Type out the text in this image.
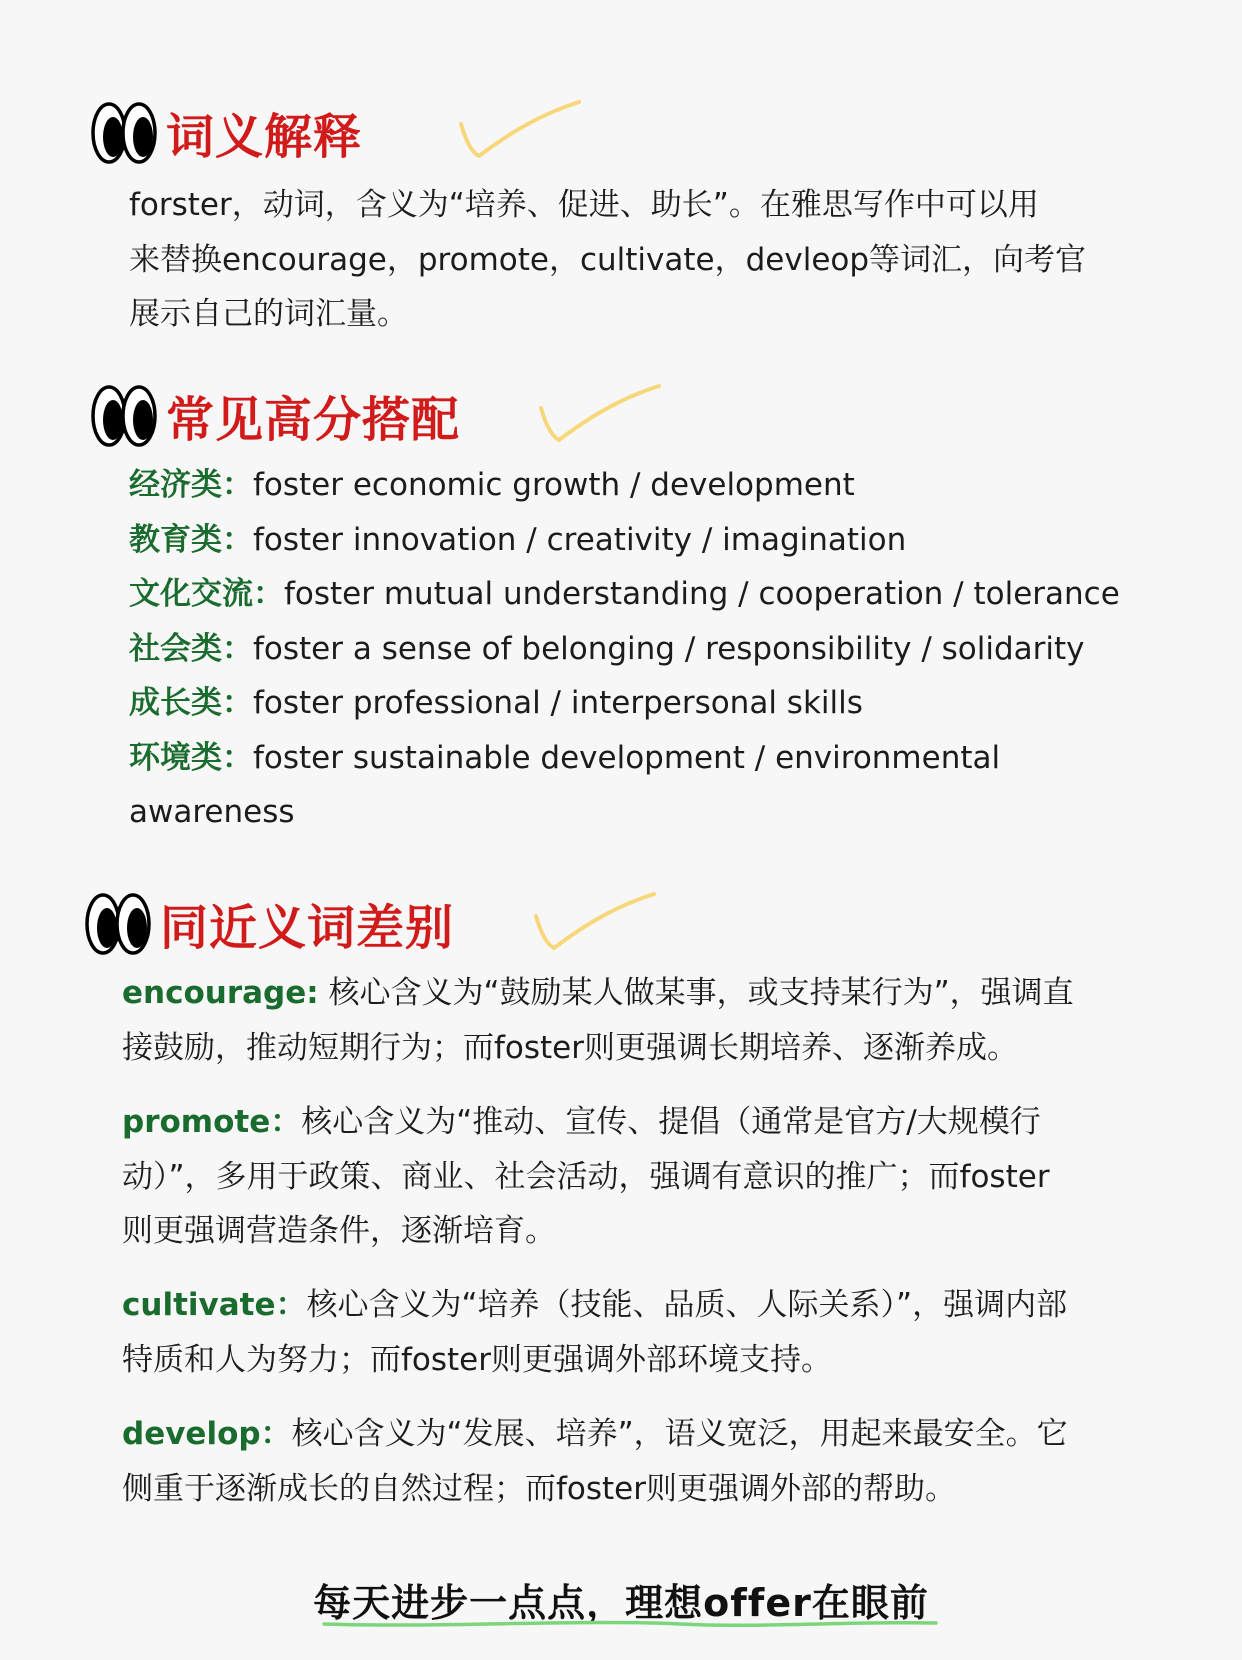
词义解释
forster，动词，含义为“培养、促进、助长”。在雅思写作中可以用
来替换encourage，promote，cultivate，devleop等词汇，向考官
展示自己的词汇量。
常见高分搭配
经济类：foster economic growth / development
教育类：foster innovation / creativity / imagination
文化交流：foster mutual understanding / cooperation / tolerance
社会类：foster a sense of belonging / responsibility / solidarity
成长类：foster professional / interpersonal skills
环境类：foster sustainable development / environmental
awareness
同近义词差别
encourage: 核心含义为“鼓励某人做某事，或支持某行为”，强调直
接鼓励，推动短期行为；而foster则更强调长期培养、逐渐养成。
promote：核心含义为“推动、宣传、提倡（通常是官方/大规模行
动）”，多用于政策、商业、社会活动，强调有意识的推广；而foster
则更强调营造条件，逐渐培育。
cultivate：核心含义为“培养（技能、品质、人际关系）”，强调内部
特质和人为努力；而foster则更强调外部环境支持。
develop：核心含义为“发展、培养”，语义宽泛，用起来最安全。它
侧重于逐渐成长的自然过程；而foster则更强调外部的帮助。
每天进步一点点，理想offer在眼前
